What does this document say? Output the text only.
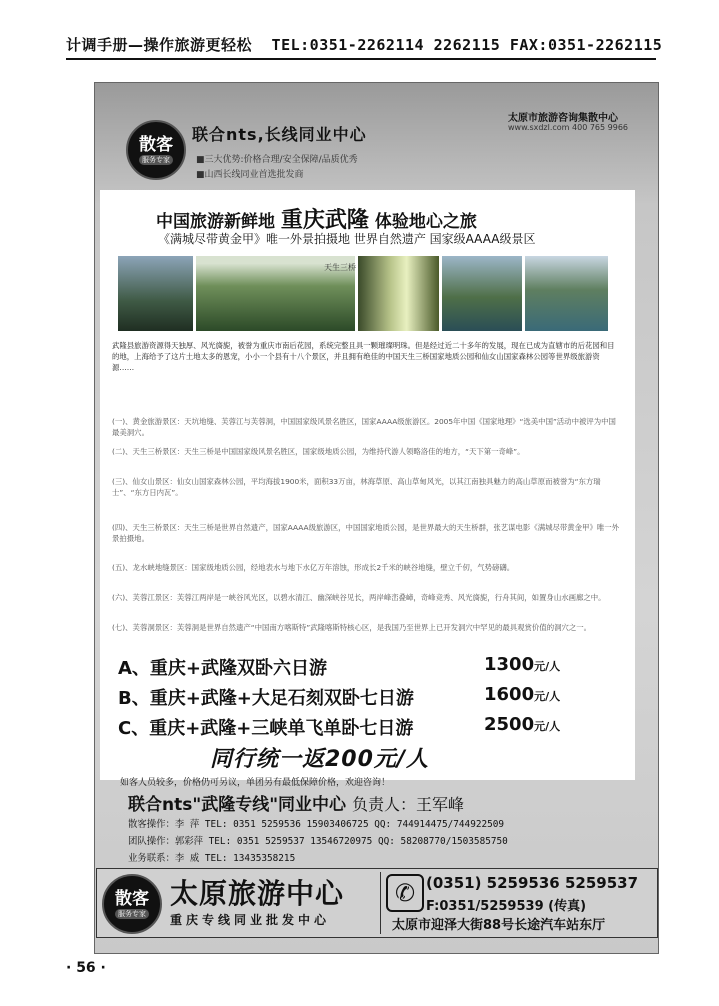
计调手册—操作旅游更轻松 TEL:0351-2262114 2262115 FAX:0351-2262115
散客
服务专家
联合nts,长线同业中心
太原市旅游咨询集散中心
www.sxdzl.com 400 765 9966
■三大优势:价格合理/安全保障/品质优秀
■山西长线同业首选批发商
中国旅游新鲜地 重庆武隆 体验地心之旅
《满城尽带黄金甲》唯一外景拍摄地 世界自然遗产 国家级AAAA级景区
天生三桥
武隆县旅游资源得天独厚、风光旖旎，被誉为重庆市南后花园，系统完整且具一颗璀璨明珠。但是经过近二十多年的发展，现在已成为直辖市的后花园和目的地，上海给予了这片土地太多的恩宠，小小一个县有十八个景区，并且拥有绝佳的中国天生三桥国家地质公园和仙女山国家森林公园等世界级旅游资源……
(一)、黄金旅游景区：天坑地缝、芙蓉江与芙蓉洞，中国国家级风景名胜区，国家AAAA级旅游区。2005年中国《国家地理》“选美中国”活动中被评为中国最美洞穴。
(二)、天生三桥景区：天生三桥是中国国家级风景名胜区，国家级地质公园，为维持代游人领略洛佳的地方，“天下第一奇峰”。
(三)、仙女山景区：仙女山国家森林公园，平均海拔1900米，面积33万亩，林海草原、高山草甸风光，以其江南独具魅力的高山草原而被誉为“东方瑞士”、“东方日内瓦”。
(四)、天生三桥景区：天生三桥是世界自然遗产，国家AAAA级旅游区，中国国家地质公园，是世界最大的天生桥群，张艺谋电影《满城尽带黄金甲》唯一外景拍摄地。
(五)、龙水峡地缝景区：国家级地质公园，经地表水与地下水亿万年溶蚀，形成长2千米的峡谷地缝，壁立千仞，气势磅礴。
(六)、芙蓉江景区：芙蓉江两岸是一峡谷风光区，以碧水清江、幽深峡谷见长，两岸峰峦叠嶂，奇峰竞秀、风光旖旎，行舟其间，如置身山水画廊之中。
(七)、芙蓉洞景区：芙蓉洞是世界自然遗产“中国南方喀斯特”武隆喀斯特核心区，是我国乃至世界上已开发洞穴中罕见的最具观赏价值的洞穴之一。
A、重庆+武隆双卧六日游	1300元/人
B、重庆+武隆+大足石刻双卧七日游	1600元/人
C、重庆+武隆+三峡单飞单卧七日游	2500元/人
同行统一返200元/人
如客人员较多，价格仍可另议，单团另有最低保障价格，欢迎咨询！
联合nts"武隆专线"同业中心 负责人：王军峰
散客操作：李 萍 TEL: 0351 5259536 15903406725 QQ: 744914475/744922509
团队操作：郭彩萍 TEL: 0351 5259537 13546720975 QQ: 58208770/1503585750
业务联系：李 威 TEL: 13435358215
散客
服务专家
太原旅游中心
重庆专线同业批发中心
✆ (0351) 5259536 5259537
F:0351/5259539 (传真)
太原市迎泽大街88号长途汽车站东厅
· 56 ·
